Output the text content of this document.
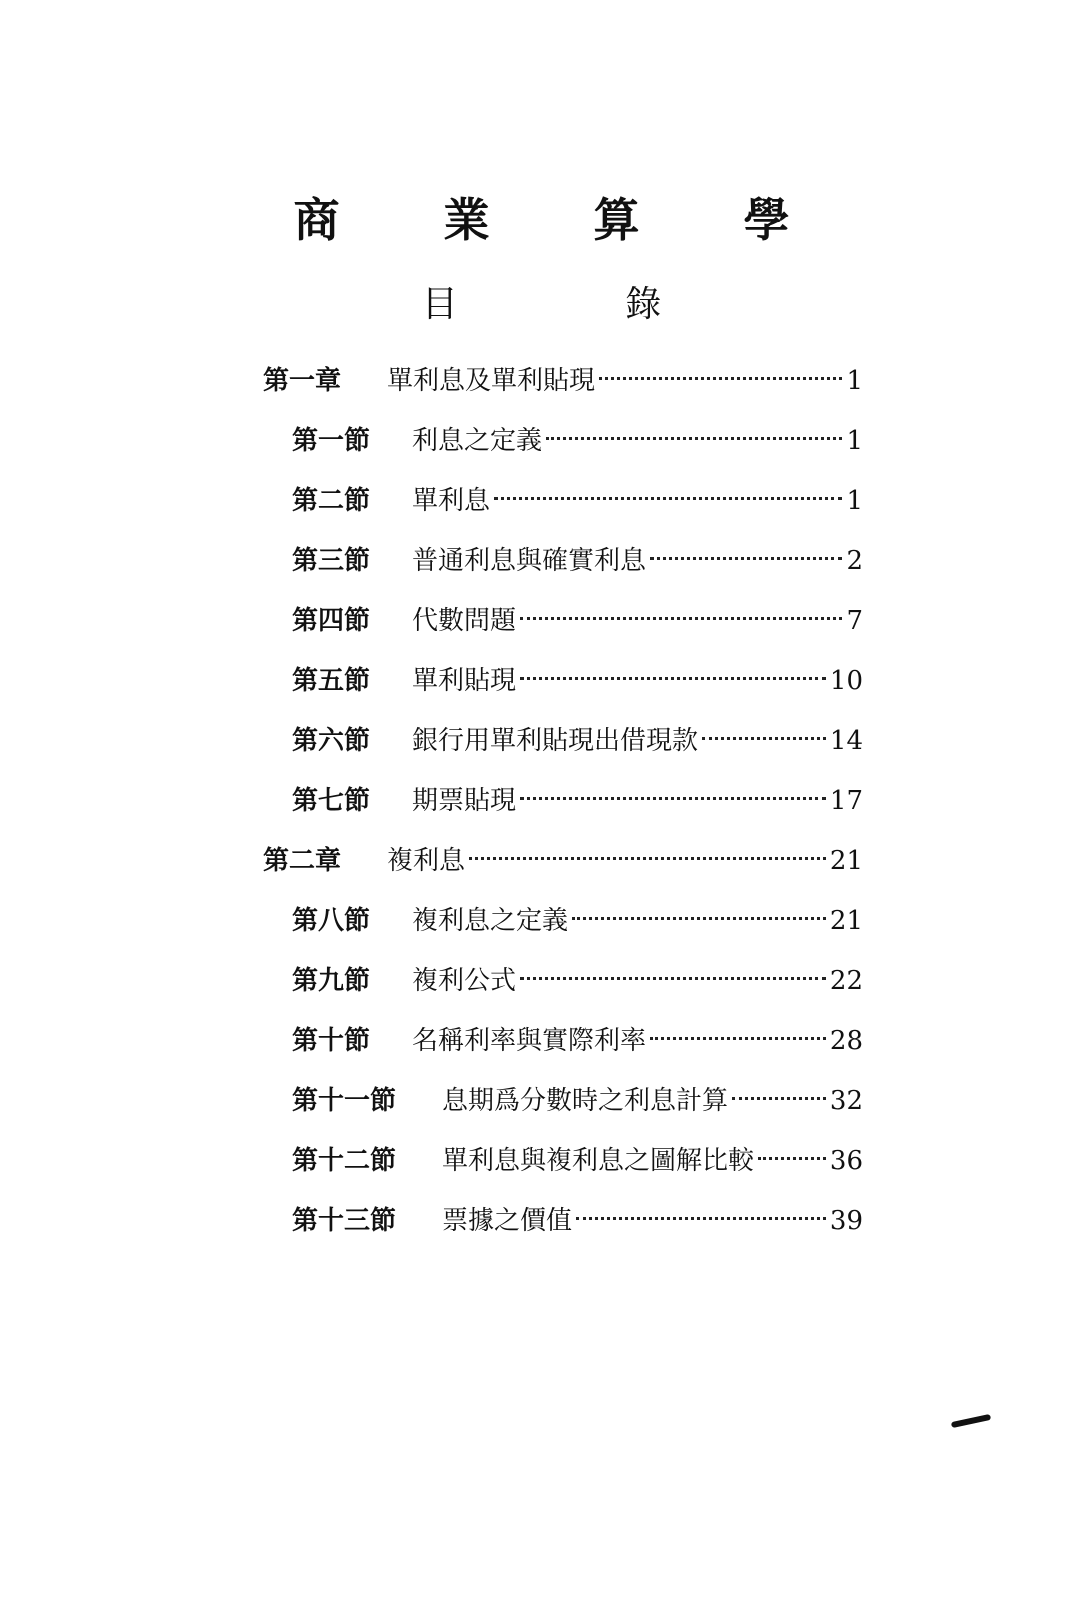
商 業 算 學
目 錄
第一章	單利息及單利貼現	1
第一節	利息之定義	1
第二節	單利息	1
第三節	普通利息與確實利息	2
第四節	代數問題	7
第五節	單利貼現	10
第六節	銀行用單利貼現出借現款	14
第七節	期票貼現	17
第二章	複利息	21
第八節	複利息之定義	21
第九節	複利公式	22
第十節	名稱利率與實際利率	28
第十一節	息期爲分數時之利息計算	32
第十二節	單利息與複利息之圖解比較	36
第十三節	票據之價值	39
